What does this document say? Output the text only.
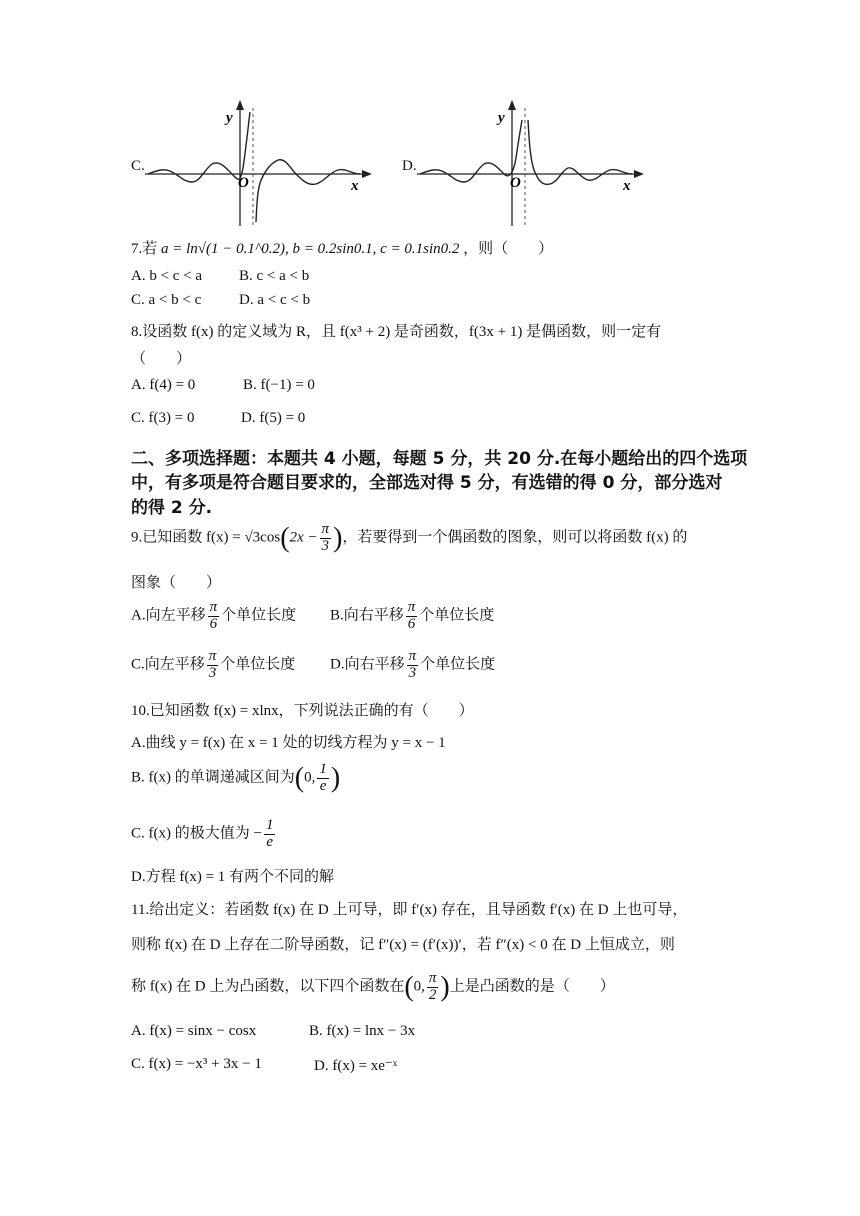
C.
y
x
O
D.
y
x
O
7.若 a = ln√(1 − 0.1^0.2), b = 0.2sin0.1, c = 0.1sin0.2 ，则（　　）
A. b < c < a B. c < a < b
C. a < b < c	D. a < c < b
8.设函数 f(x) 的定义域为 R，且 f(x³ + 2) 是奇函数，f(3x + 1) 是偶函数，则一定有
（　　）
A. f(4) = 0	B. f(−1) = 0
C. f(3) = 0	D. f(5) = 0
二、多项选择题：本题共 4 小题，每题 5 分，共 20 分.在每小题给出的四个选项
中，有多项是符合题目要求的，全部选对得 5 分，有选错的得 0 分，部分选对
的得 2 分.
9.已知函数 $f(x) = √3\cos(2x - \frac{\pi}{3}$ )，若要得到一个偶函数的图象，则可以将函数 f(x) 的
图象（　　）
A.向左平移 $\frac{\pi}{6}$ 个单位长度 B.向右平移 $\frac{\pi}{6}$ 个单位长度
C.向左平移 $\frac{\pi}{3}$ 个单位长度 D.向右平移 $\frac{\pi}{3}$ 个单位长度
10.已知函数 f(x) = xlnx，下列说法正确的有（　　）
A.曲线 y = f(x) 在 x = 1 处的切线方程为 y = x − 1
B. f(x) 的单调递减区间为(0, $\frac{1}{e}$ )
C. f(x) 的极大值为 − $\frac{1}{e}$
D.方程 f(x) = 1 有两个不同的解
11.给出定义：若函数 f(x) 在 D 上可导，即 f′(x) 存在，且导函数 f′(x) 在 D 上也可导，
则称 f(x) 在 D 上存在二阶导函数，记 f″(x) = (f′(x))′，若 f″(x) < 0 在 D 上恒成立，则
称 f(x) 在 D 上为凸函数，以下四个函数在(0, $\frac{\pi}{2}$ )上是凸函数的是（　　）
A. f(x) = sinx − cosx	B. f(x) = lnx − 3x
C. f(x) = −x³ + 3x − 1	D. f(x) = xe⁻ˣ
